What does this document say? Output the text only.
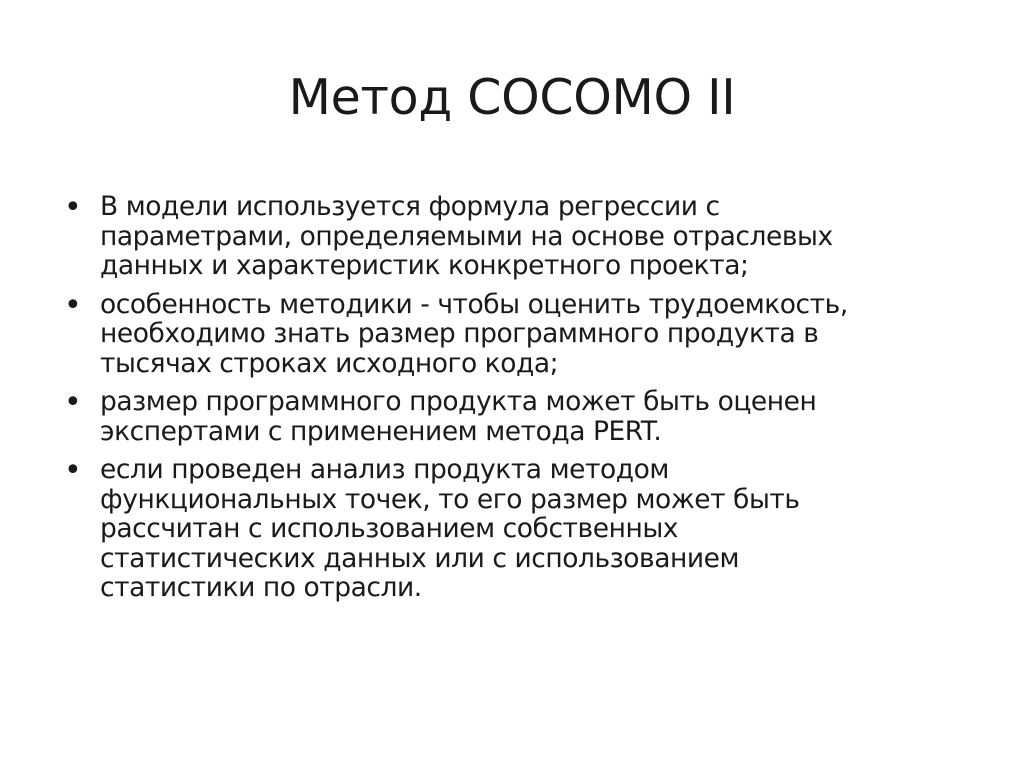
Метод COCOMO II
• В модели используется формула регрессии с
параметрами, определяемыми на основе отраслевых
данных и характеристик конкретного проекта;
• особенность методики - чтобы оценить трудоемкость,
необходимо знать размер программного продукта в
тысячах строках исходного кода;
• размер программного продукта может быть оценен
экспертами с применением метода PERT.
• если проведен анализ продукта методом
функциональных точек, то его размер может быть
рассчитан с использованием собственных
статистических данных или с использованием
статистики по отрасли.
